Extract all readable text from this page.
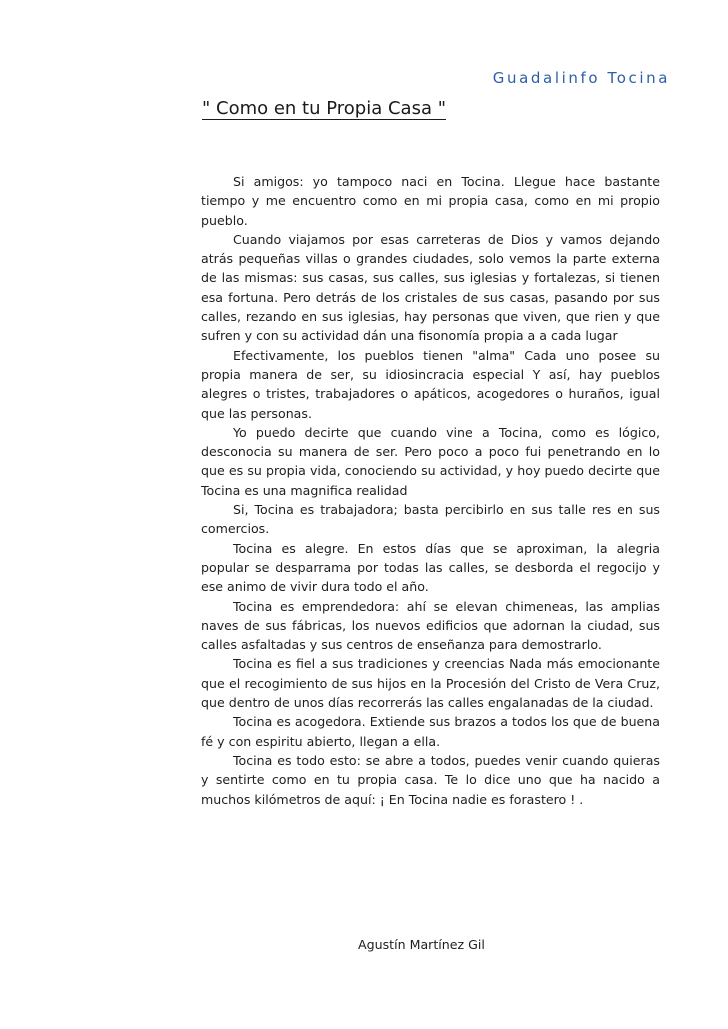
Guadalinfo Tocina
" Como en tu Propia Casa "

Si amigos: yo tampoco naci en Tocina. Llegue hace bastante tiempo y me encuentro como en mi propia casa, como en mi propio pueblo.

Cuando viajamos por esas carreteras de Dios y vamos dejando atrás pequeñas villas o grandes ciudades, solo vemos la parte externa de las mismas: sus casas, sus calles, sus iglesias y fortalezas, si tienen esa fortuna. Pero detrás de los cristales de sus casas, pasando por sus calles, rezando en sus iglesias, hay personas que viven, que rien y que sufren y con su actividad dán una fisonomía propia a a cada lugar

Efectivamente, los pueblos tienen "alma" Cada uno posee su propia manera de ser, su idiosincracia especial Y así, hay pueblos alegres o tristes, trabajadores o apáticos, acogedores o huraños, igual que las personas.

Yo puedo decirte que cuando vine a Tocina, como es lógico, desconocia su manera de ser. Pero poco a poco fui penetrando en lo que es su propia vida, conociendo su actividad, y hoy puedo decirte que Tocina es una magnifica realidad

Si, Tocina es trabajadora; basta percibirlo en sus talle res en sus comercios.

Tocina es alegre. En estos días que se aproximan, la alegria popular se desparrama por todas las calles, se desborda el regocijo y ese animo de vivir dura todo el año.

Tocina es emprendedora: ahí se elevan chimeneas, las amplias naves de sus fábricas, los nuevos edificios que adornan la ciudad, sus calles asfaltadas y sus centros de enseñanza para demostrarlo.

Tocina es fiel a sus tradiciones y creencias Nada más emocionante que el recogimiento de sus hijos en la Procesión del Cristo de Vera Cruz, que dentro de unos días recorrerás las calles engalanadas de la ciudad.

Tocina es acogedora. Extiende sus brazos a todos los que de buena fé y con espiritu abierto, llegan a ella.

Tocina es todo esto: se abre a todos, puedes venir cuando quieras y sentirte como en tu propia casa. Te lo dice uno que ha nacido a muchos kilómetros de aquí: ¡ En Tocina nadie es forastero ! .

Agustín Martínez Gil
